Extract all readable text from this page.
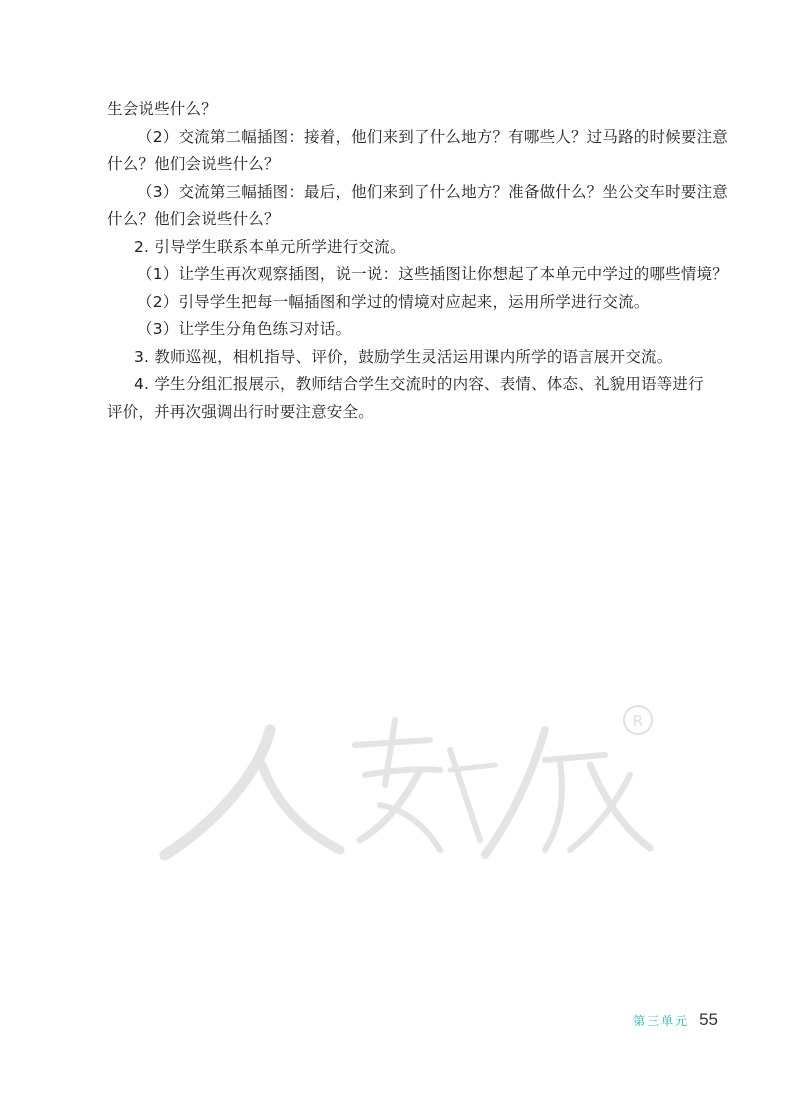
生会说些什么？
（2）交流第二幅插图：接着，他们来到了什么地方？有哪些人？过马路的时候要注意
什么？他们会说些什么？
（3）交流第三幅插图：最后，他们来到了什么地方？准备做什么？坐公交车时要注意
什么？他们会说些什么？
2. 引导学生联系本单元所学进行交流。
（1）让学生再次观察插图，说一说：这些插图让你想起了本单元中学过的哪些情境？
（2）引导学生把每一幅插图和学过的情境对应起来，运用所学进行交流。
（3）让学生分角色练习对话。
3. 教师巡视，相机指导、评价，鼓励学生灵活运用课内所学的语言展开交流。
4. 学生分组汇报展示，教师结合学生交流时的内容、表情、体态、礼貌用语等进行
评价，并再次强调出行时要注意安全。
R
第三单元 55
